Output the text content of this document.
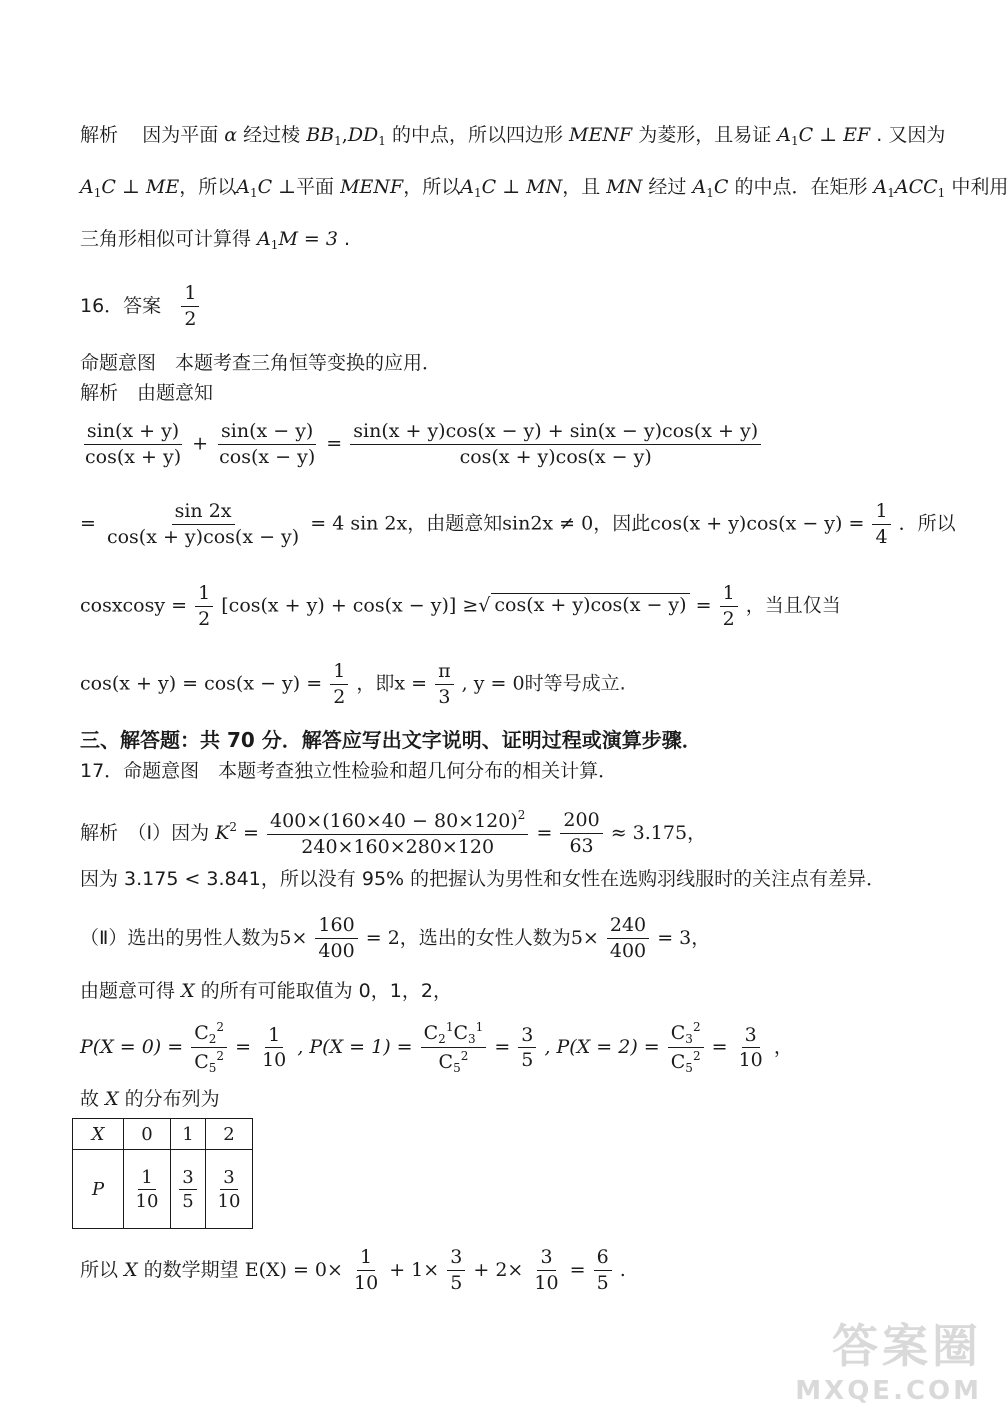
解析 因为平面 α 经过棱 $BB_1,DD_1$ 的中点，所以四边形 MENF 为菱形，且易证 $A_1C$ ⊥ EF . 又因为
$A_1C$ ⊥ ME，所以$A_1C$ ⊥平面 MENF，所以$A_1C$ ⊥ MN，且 MN 经过 $A_1C$ 的中点．在矩形 $A_1ACC_1$ 中利用
三角形相似可计算得 $A_1M = 3$ .
16．答案 $\frac{1}{2}$
命题意图　本题考查三角恒等变换的应用．
解析　由题意知
$\frac{\sin(x + y)}{\cos(x + y)} + \frac{\sin(x - y)}{\cos(x - y)} = \frac{\sin(x + y)\cos(x - y) + \sin(x - y)\cos(x + y)}{\cos(x + y)\cos(x - y)}$
= $\frac{\sin 2x}{\cos(x + y)\cos(x - y)} = 4$ sin 2x，由题意知sin2x ≠ 0，因此$\cos(x + y)\cos(x - y) = \frac{1}{4}$ ．所以
cosxcosy = $\frac{1}{2} [\cos(x + y) + \cos(x - y)]$ ≥√ $\cos(x + y)\cos(x - y) = \frac{1}{2}$ ，当且仅当
$\cos(x + y) = \cos(x - y) = \frac{1}{2}$ ，即$x = \frac{\pi}{3}$ , y = 0时等号成立.
三、解答题：共 70 分．解答应写出文字说明、证明过程或演算步骤．
17．命题意图　本题考查独立性检验和超几何分布的相关计算．
解析　（Ⅰ）因为 $K^2 = \frac{400\times(160\times 40 - 80\times 120)^2}{240\times 160\times 280\times 120} = \frac{200}{63} \approx 3.175$，
因为 3.175 < 3.841，所以没有 95% 的把握认为男性和女性在选购羽线服时的关注点有差异．
（Ⅱ）选出的男性人数为$5\times \frac{160}{400} = 2$，选出的女性人数为$5\times \frac{240}{400} = 3$，
由题意可得 X 的所有可能取值为 0，1，2，
$P(X = 0) = \frac{C_2^2}{C_5^2} = \frac{1}{10}$ , $P(X = 1) = \frac{C_2^1C_3^1}{C_5^2} = \frac{3}{5}$ , $P(X = 2) = \frac{C_3^2}{C_5^2} = \frac{3}{10}$ ，
故 X 的分布列为
X	0	1	2
P	$\frac{1}{10}$	$\frac{3}{5}$	$\frac{3}{10}$
所以 X 的数学期望 $E(X) = 0\times \frac{1}{10} + 1\times \frac{3}{5} + 2\times \frac{3}{10} = \frac{6}{5}$ .
答案圈
MXQE.COM
